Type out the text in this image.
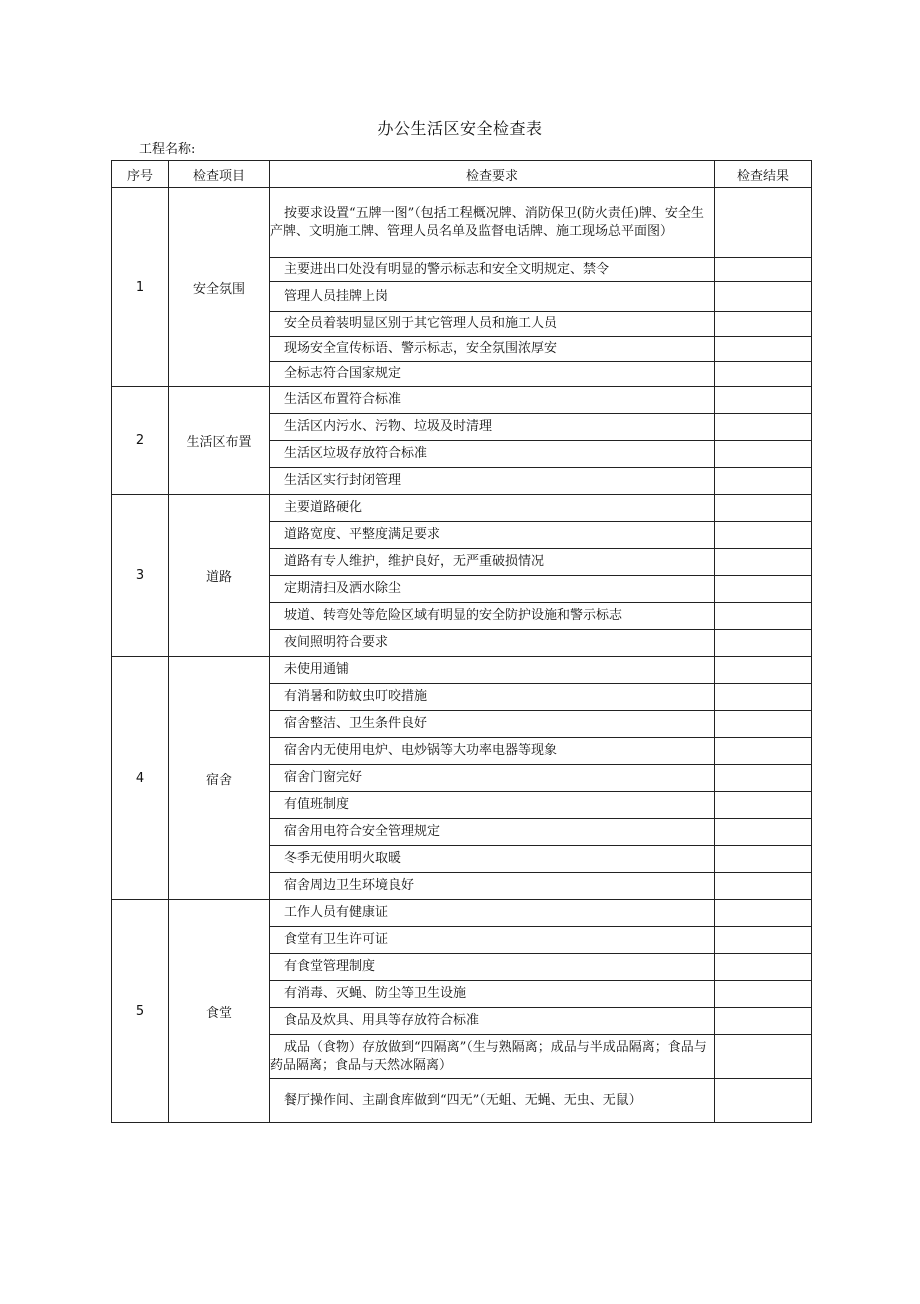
办公生活区安全检查表
工程名称:
序号	检查项目	检查要求	检查结果
1	安全氛围	按要求设置“五牌一图”（包括工程概况牌、消防保卫(防火责任)牌、安全生产牌、文明施工牌、管理人员名单及监督电话牌、施工现场总平面图）	

		主要进出口处没有明显的警示标志和安全文明规定、禁令	

		管理人员挂牌上岗	

		安全员着装明显区别于其它管理人员和施工人员	

		现场安全宣传标语、警示标志，安全氛围浓厚安	

		全标志符合国家规定	

2	生活区布置	生活区布置符合标准	

		生活区内污水、污物、垃圾及时清理	

		生活区垃圾存放符合标准	

		生活区实行封闭管理	

3	道路	主要道路硬化	

		道路宽度、平整度满足要求	

		道路有专人维护，维护良好，无严重破损情况	

		定期清扫及洒水除尘	

		坡道、转弯处等危险区域有明显的安全防护设施和警示标志	

		夜间照明符合要求	

4	宿舍	未使用通铺	

		有消暑和防蚊虫叮咬措施	

		宿舍整洁、卫生条件良好	

		宿舍内无使用电炉、电炒锅等大功率电器等现象	

		宿舍门窗完好	

		有值班制度	

		宿舍用电符合安全管理规定	

		冬季无使用明火取暖	

		宿舍周边卫生环境良好	

5	食堂	工作人员有健康证	

		食堂有卫生许可证	

		有食堂管理制度	

		有消毒、灭蝇、防尘等卫生设施	

		食品及炊具、用具等存放符合标准	

		成品（食物）存放做到“四隔离”（生与熟隔离；成品与半成品隔离；食品与药品隔离；食品与天然冰隔离）	

		餐厅操作间、主副食库做到“四无”（无蛆、无蝇、无虫、无鼠）	
